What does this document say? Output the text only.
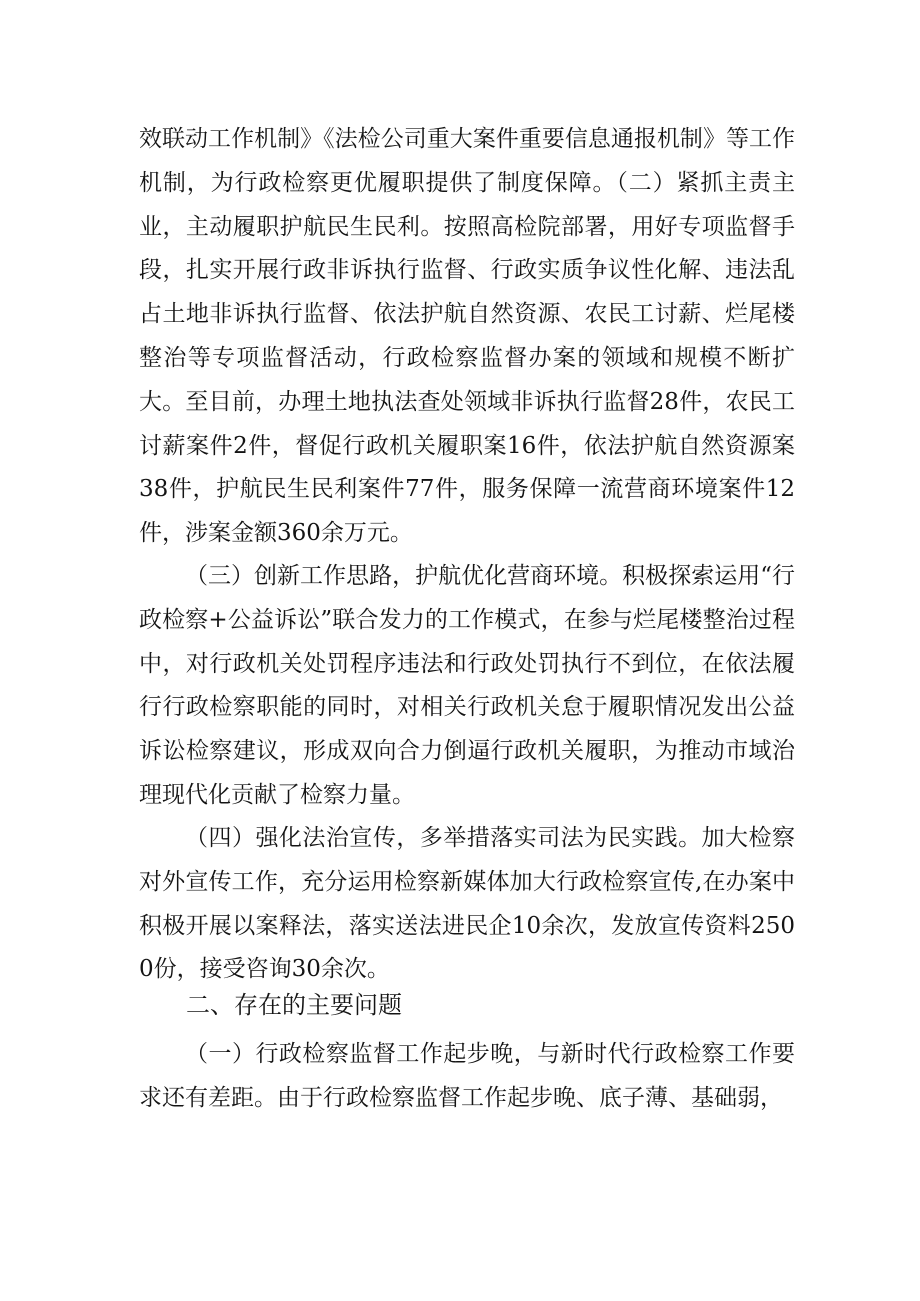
效联动工作机制》《法检公司重大案件重要信息通报机制》等工作机制，为行政检察更优履职提供了制度保障。（二）紧抓主责主业，主动履职护航民生民利。按照高检院部署，用好专项监督手段，扎实开展行政非诉执行监督、行政实质争议性化解、违法乱占土地非诉执行监督、依法护航自然资源、农民工讨薪、烂尾楼整治等专项监督活动，行政检察监督办案的领域和规模不断扩大。至目前，办理土地执法查处领域非诉执行监督28件，农民工讨薪案件2件，督促行政机关履职案16件，依法护航自然资源案38件，护航民生民利案件77件，服务保障一流营商环境案件12件，涉案金额360余万元。
（三）创新工作思路，护航优化营商环境。积极探索运用“行政检察+公益诉讼”联合发力的工作模式，在参与烂尾楼整治过程中，对行政机关处罚程序违法和行政处罚执行不到位，在依法履行行政检察职能的同时，对相关行政机关怠于履职情况发出公益诉讼检察建议，形成双向合力倒逼行政机关履职，为推动市域治理现代化贡献了检察力量。
（四）强化法治宣传，多举措落实司法为民实践。加大检察对外宣传工作，充分运用检察新媒体加大行政检察宣传,在办案中积极开展以案释法，落实送法进民企10余次，发放宣传资料2500份，接受咨询30余次。
二、存在的主要问题
（一）行政检察监督工作起步晚，与新时代行政检察工作要求还有差距。由于行政检察监督工作起步晚、底子薄、基础弱，
